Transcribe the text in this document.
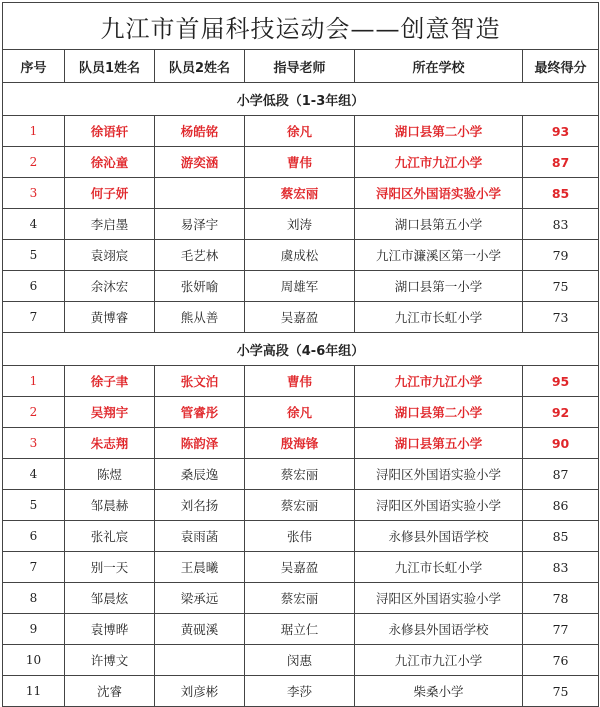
九江市首届科技运动会——创意智造					
序号	队员1姓名	队员2姓名	指导老师	所在学校	最终得分
小学低段（1-3年组）					
1	徐语轩	杨皓铭	徐凡	湖口县第二小学	93
2	徐沁童	游奕涵	曹伟	九江市九江小学	87
3	何子妍		蔡宏丽	浔阳区外国语实验小学	85
4	李启墨	易泽宇	刘涛	湖口县第五小学	83
5	袁翊宸	毛艺林	虞成松	九江市濂溪区第一小学	79
6	余沐宏	张妍喻	周雄军	湖口县第一小学	75
7	黄博睿	熊从善	吴嘉盈	九江市长虹小学	73
小学高段（4-6年组）					
1	徐子聿	张文泊	曹伟	九江市九江小学	95
2	吴翔宇	管睿彤	徐凡	湖口县第二小学	92
3	朱志翔	陈韵泽	殷海锋	湖口县第五小学	90
4	陈煜	桑辰逸	蔡宏丽	浔阳区外国语实验小学	87
5	邹晨赫	刘名扬	蔡宏丽	浔阳区外国语实验小学	86
6	张礼宸	袁雨菡	张伟	永修县外国语学校	85
7	别一天	王晨曦	吴嘉盈	九江市长虹小学	83
8	邹晨炫	梁承远	蔡宏丽	浔阳区外国语实验小学	78
9	袁博晔	黄砚溪	琚立仁	永修县外国语学校	77
10	许博文		闵惠	九江市九江小学	76
11	沈睿	刘彦彬	李莎	柴桑小学	75
